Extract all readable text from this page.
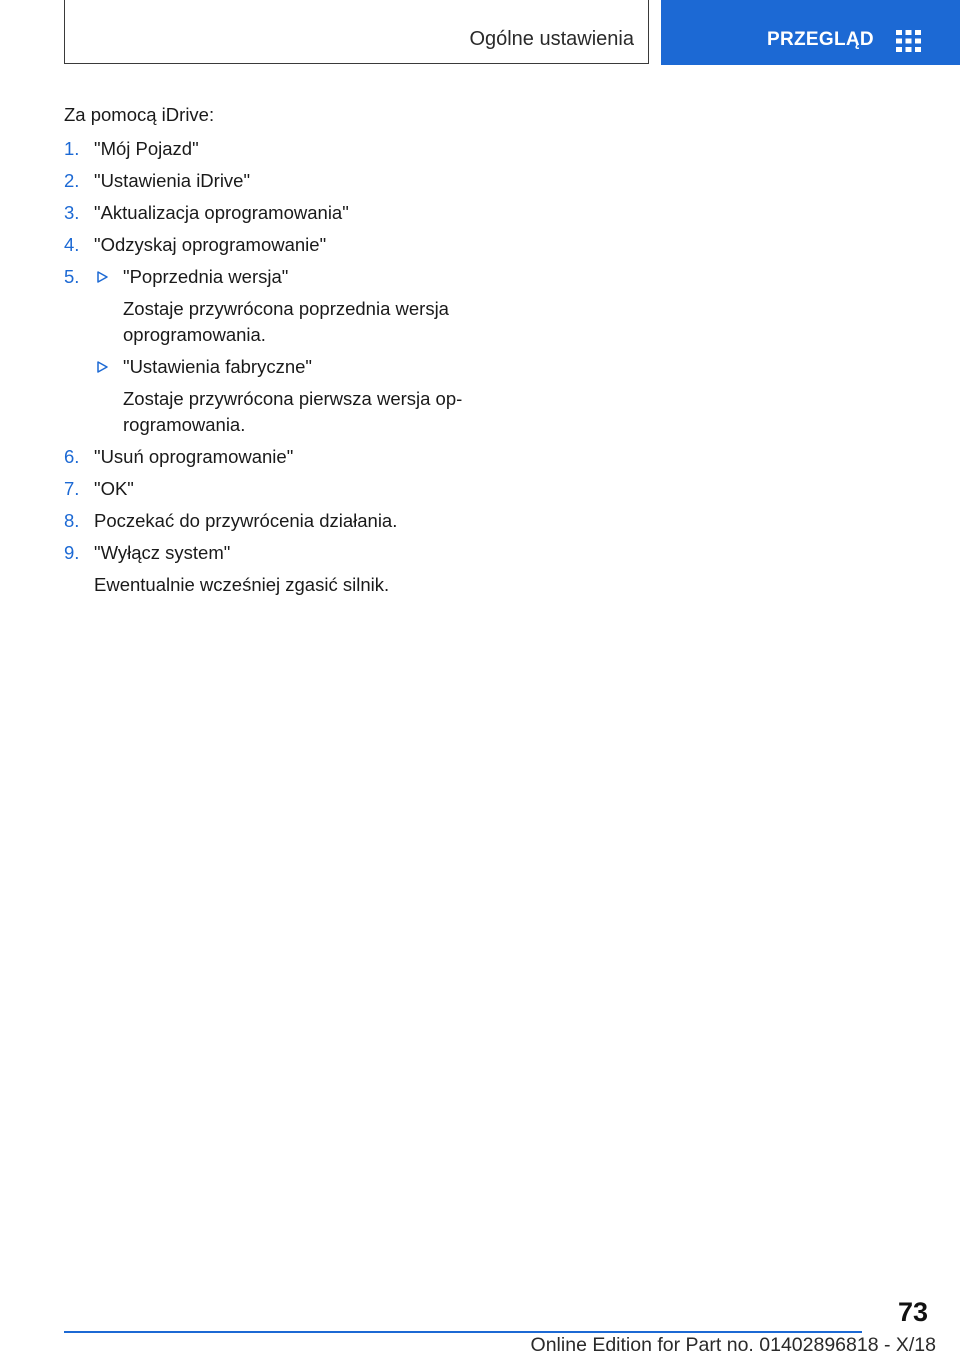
Ogólne ustawienia	PRZEGLĄD

Za pomocą iDrive:

1. "Mój Pojazd"
2. "Ustawienia iDrive"
3. "Aktualizacja oprogramowania"
4. "Odzyskaj oprogramowanie"
5. "Poprzednia wersja"
Zostaje przywrócona poprzednia wersja oprogramowania.
"Ustawienia fabryczne"
Zostaje przywrócona pierwsza wersja oprogramowania.
6. "Usuń oprogramowanie"
7. "OK"
8. Poczekać do przywrócenia działania.
9. "Wyłącz system"
Ewentualnie wcześniej zgasić silnik.
73
Online Edition for Part no. 01402896818 - X/18
